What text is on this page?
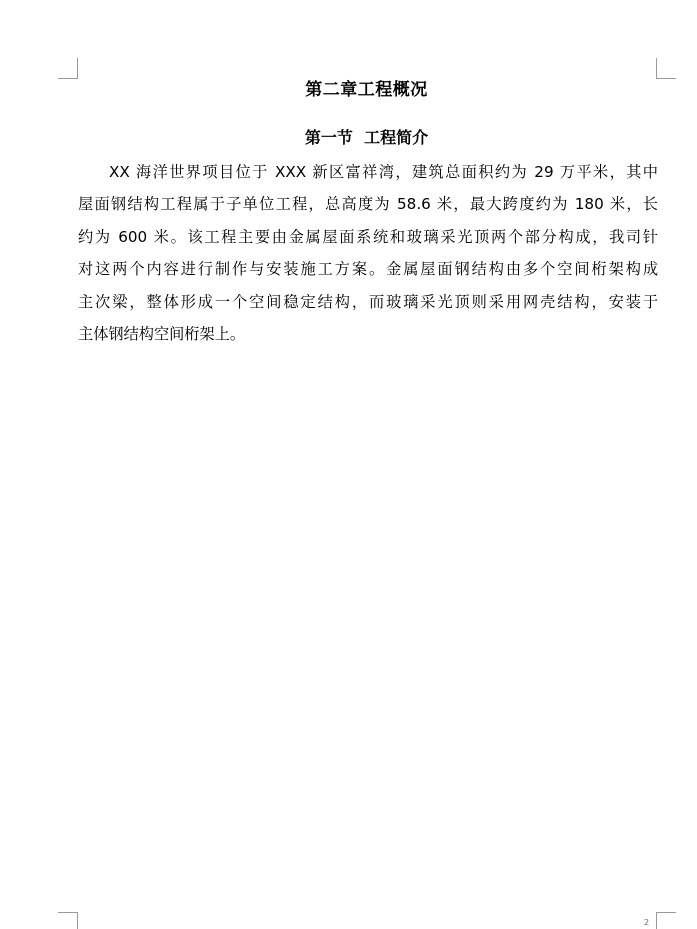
第二章工程概况
第一节  工程简介
XX 海洋世界项目位于 XXX 新区富祥湾，建筑总面积约为 29 万平米，其中
屋面钢结构工程属于子单位工程，总高度为 58.6 米，最大跨度约为 180 米，长
约为 600 米。该工程主要由金属屋面系统和玻璃采光顶两个部分构成，我司针
对这两个内容进行制作与安装施工方案。金属屋面钢结构由多个空间桁架构成
主次梁，整体形成一个空间稳定结构，而玻璃采光顶则采用网壳结构，安装于
主体钢结构空间桁架上。
2
